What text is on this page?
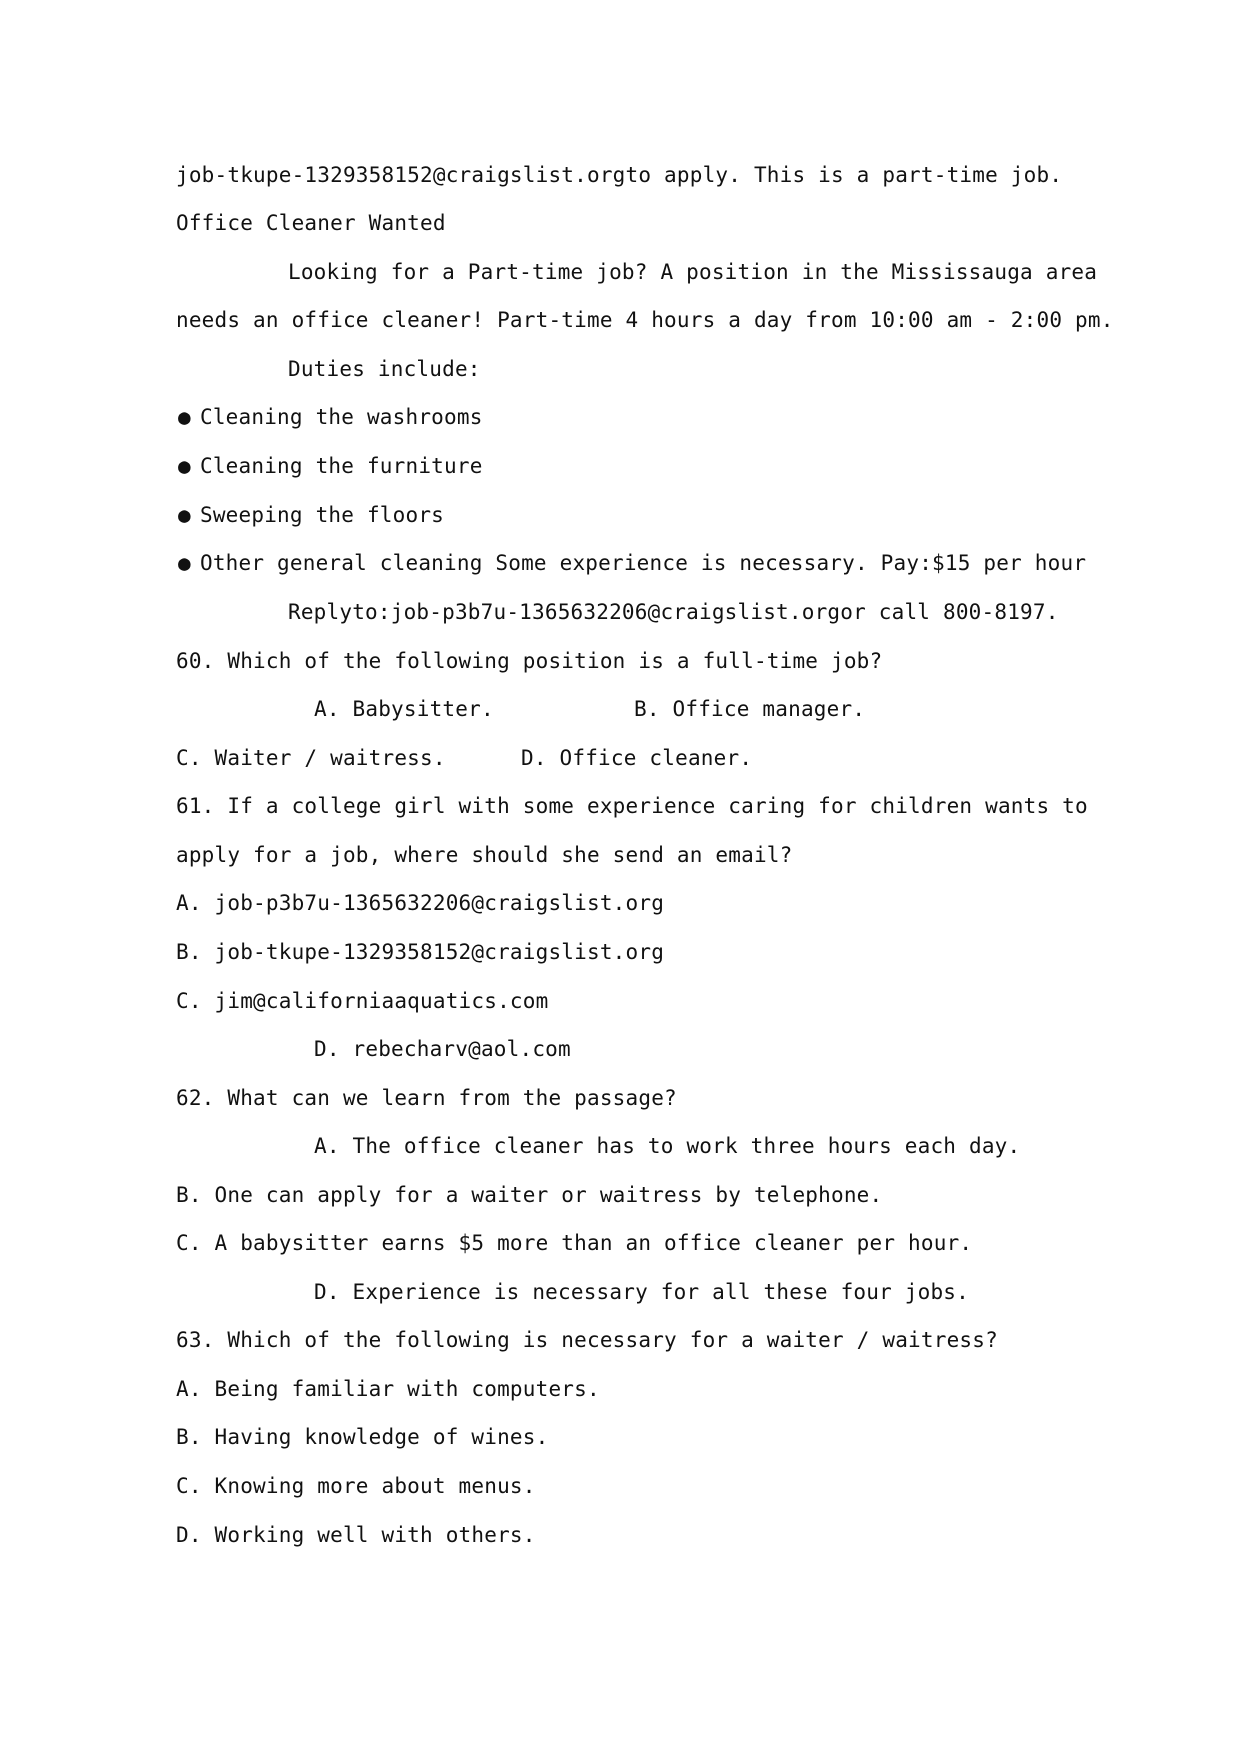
job-tkupe-1329358152@craigslist.orgto apply. This is a part-time job.
Office Cleaner Wanted
Looking for a Part-time job? A position in the Mississauga area
needs an office cleaner! Part-time 4 hours a day from 10:00 am - 2:00 pm.
Duties include:
● Cleaning the washrooms
● Cleaning the furniture
● Sweeping the floors
● Other general cleaning Some experience is necessary. Pay:$15 per hour
Replyto:job-p3b7u-1365632206@craigslist.orgor call 800-8197.
60. Which of the following position is a full-time job?
A. Babysitter.	B. Office manager.
C. Waiter / waitress.	D. Office cleaner.
61. If a college girl with some experience caring for children wants to
apply for a job, where should she send an email?
A. job-p3b7u-1365632206@craigslist.org
B. job-tkupe-1329358152@craigslist.org
C. jim@californiaaquatics.com
D. rebecharv@aol.com
62. What can we learn from the passage?
A. The office cleaner has to work three hours each day.
B. One can apply for a waiter or waitress by telephone.
C. A babysitter earns $5 more than an office cleaner per hour.
D. Experience is necessary for all these four jobs.
63. Which of the following is necessary for a waiter / waitress?
A. Being familiar with computers.
B. Having knowledge of wines.
C. Knowing more about menus.
D. Working well with others.
